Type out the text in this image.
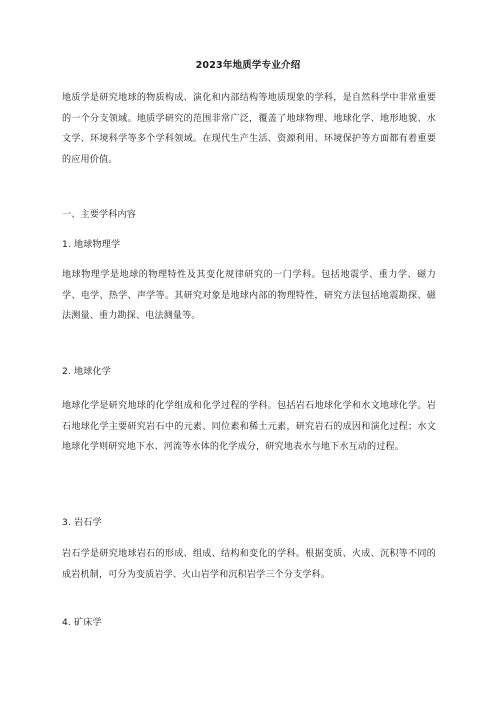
2023年地质学专业介绍

地质学是研究地球的物质构成、演化和内部结构等地质现象的学科，是自然科学中非常重要的一个分支领域。地质学研究的范围非常广泛，覆盖了地球物理、地球化学、地形地貌、水文学、环境科学等多个学科领域。在现代生产生活、资源利用、环境保护等方面都有着重要的应用价值。

一、主要学科内容
1. 地球物理学

地球物理学是地球的物理特性及其变化规律研究的一门学科。包括地震学、重力学、磁力学、电学、热学、声学等。其研究对象是地球内部的物理特性，研究方法包括地震勘探、磁法测量、重力勘探、电法测量等。

2. 地球化学

地球化学是研究地球的化学组成和化学过程的学科。包括岩石地球化学和水文地球化学。岩石地球化学主要研究岩石中的元素、同位素和稀土元素，研究岩石的成因和演化过程；水文地球化学则研究地下水、河流等水体的化学成分，研究地表水与地下水互动的过程。

3. 岩石学

岩石学是研究地球岩石的形成、组成、结构和变化的学科。根据变质、火成、沉积等不同的成岩机制，可分为变质岩学、火山岩学和沉积岩学三个分支学科。

4. 矿床学
